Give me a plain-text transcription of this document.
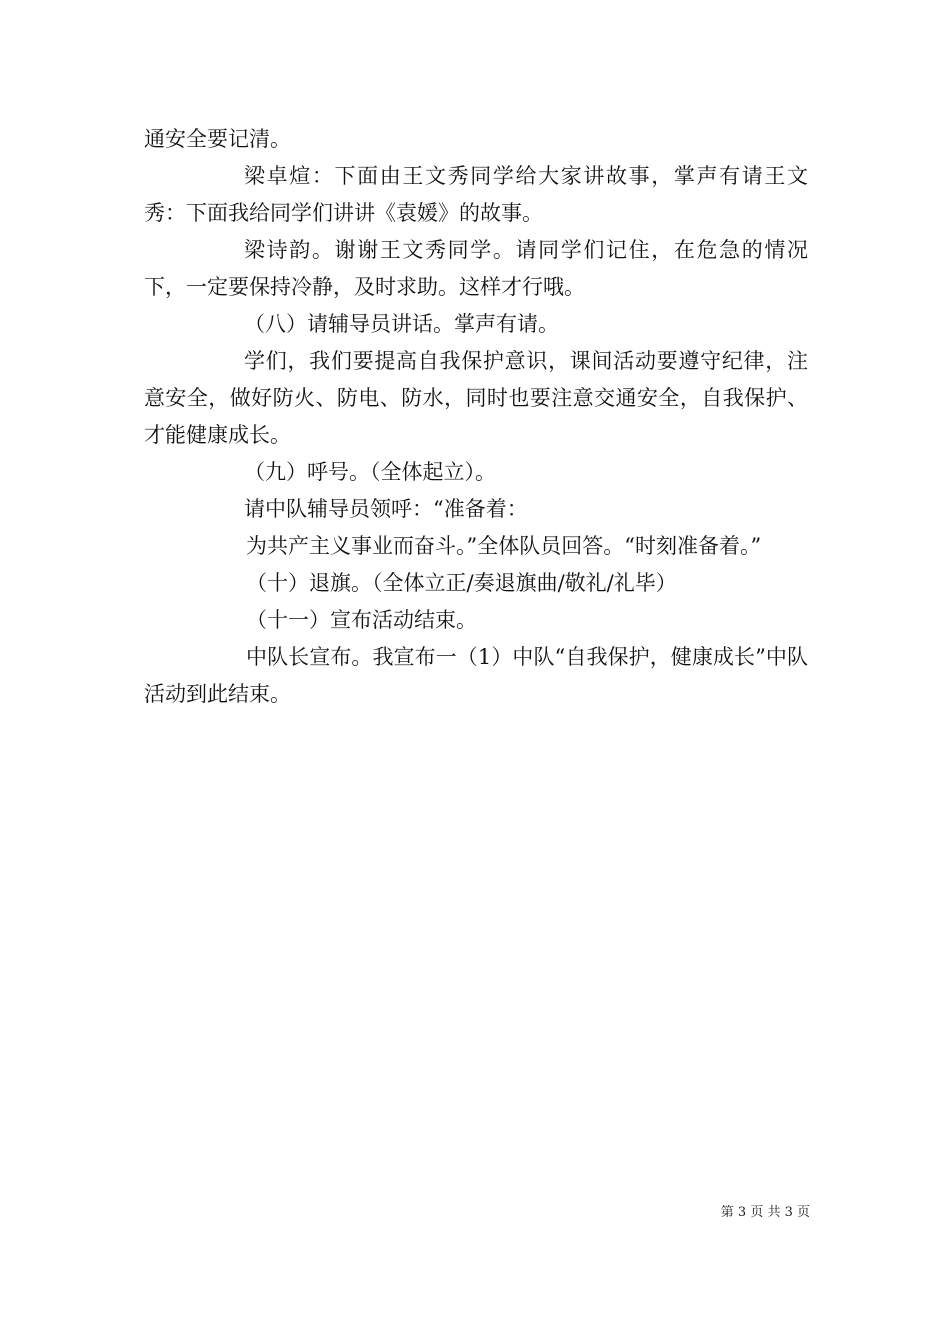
通安全要记清。

梁卓煊：下面由王文秀同学给大家讲故事，掌声有请王文秀：下面我给同学们讲讲《袁媛》的故事。

梁诗韵。谢谢王文秀同学。请同学们记住，在危急的情况下，一定要保持冷静，及时求助。这样才行哦。

（八）请辅导员讲话。掌声有请。

学们，我们要提高自我保护意识，课间活动要遵守纪律，注意安全，做好防火、防电、防水，同时也要注意交通安全，自我保护、才能健康成长。

（九）呼号。（全体起立）。

请中队辅导员领呼：“准备着：

为共产主义事业而奋斗。”全体队员回答。“时刻准备着。”

（十）退旗。（全体立正/奏退旗曲/敬礼/礼毕）

（十一）宣布活动结束。

中队长宣布。我宣布一（1）中队“自我保护，健康成长”中队活动到此结束。

第 3 页 共 3 页
